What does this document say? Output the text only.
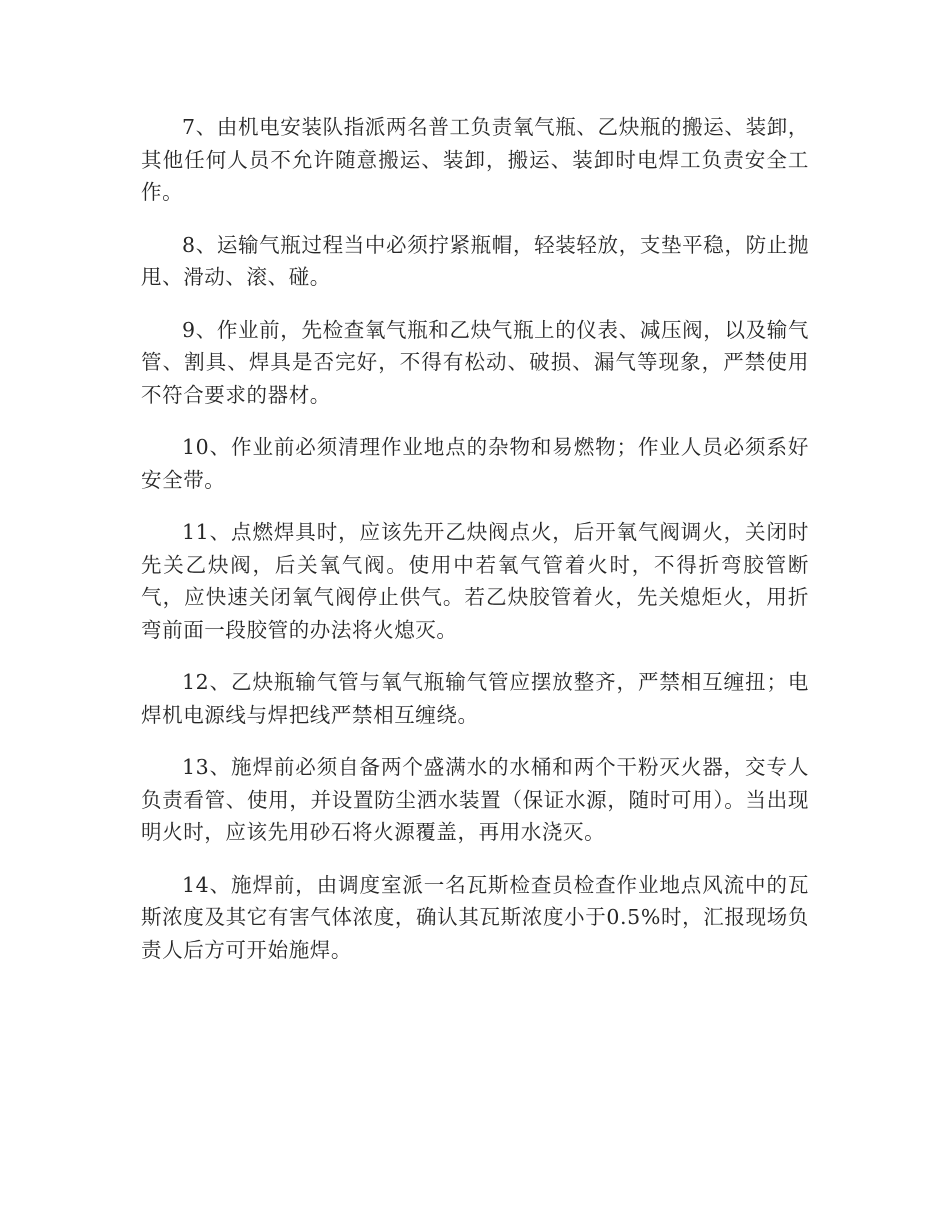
7、由机电安装队指派两名普工负责氧气瓶、乙炔瓶的搬运、装卸，其他任何人员不允许随意搬运、装卸，搬运、装卸时电焊工负责安全工作。

8、运输气瓶过程当中必须拧紧瓶帽，轻装轻放，支垫平稳，防止抛甩、滑动、滚、碰。

9、作业前，先检查氧气瓶和乙炔气瓶上的仪表、减压阀，以及输气管、割具、焊具是否完好，不得有松动、破损、漏气等现象，严禁使用不符合要求的器材。

10、作业前必须清理作业地点的杂物和易燃物；作业人员必须系好安全带。

11、点燃焊具时，应该先开乙炔阀点火，后开氧气阀调火，关闭时先关乙炔阀，后关氧气阀。使用中若氧气管着火时，不得折弯胶管断气，应快速关闭氧气阀停止供气。若乙炔胶管着火，先关熄炬火，用折弯前面一段胶管的办法将火熄灭。

12、乙炔瓶输气管与氧气瓶输气管应摆放整齐，严禁相互缠扭；电焊机电源线与焊把线严禁相互缠绕。

13、施焊前必须自备两个盛满水的水桶和两个干粉灭火器，交专人负责看管、使用，并设置防尘洒水装置（保证水源，随时可用）。当出现明火时，应该先用砂石将火源覆盖，再用水浇灭。

14、施焊前，由调度室派一名瓦斯检查员检查作业地点风流中的瓦斯浓度及其它有害气体浓度，确认其瓦斯浓度小于0.5%时，汇报现场负责人后方可开始施焊。
